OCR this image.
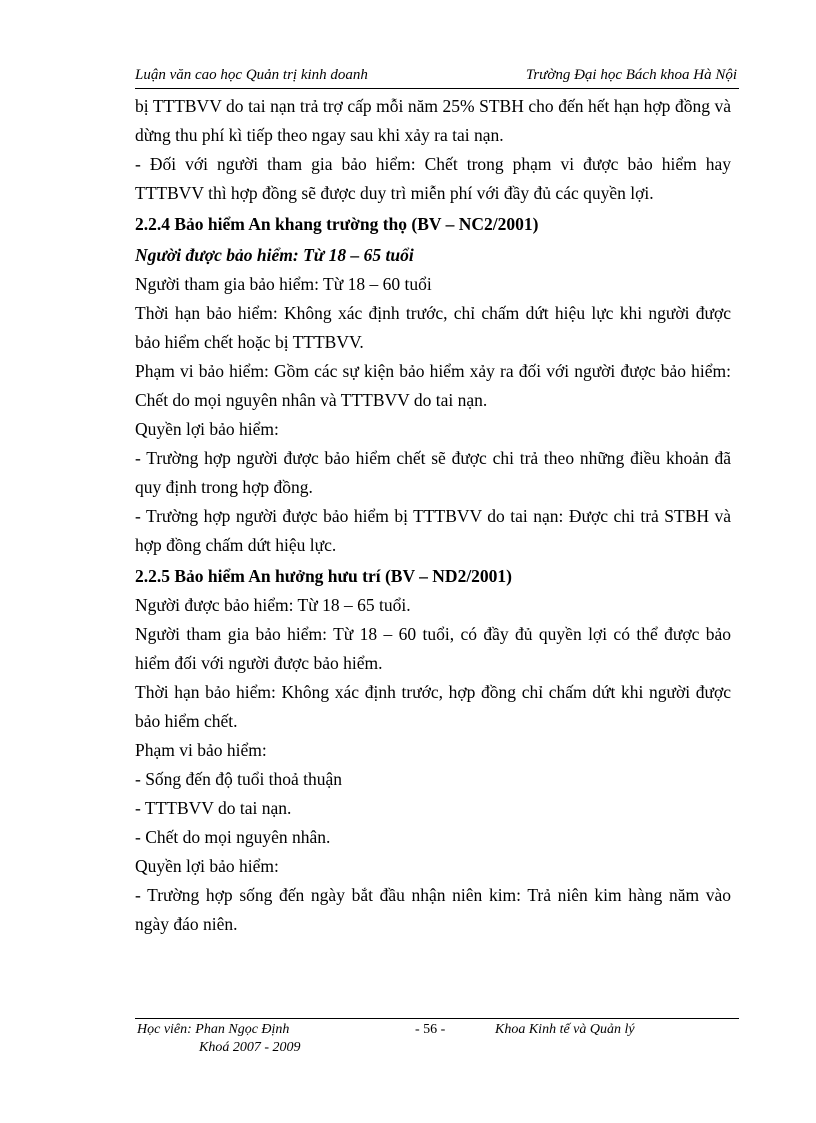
Luận văn cao học Quản trị kinh doanh	Trường Đại học Bách khoa Hà Nội

bị TTTBVV do tai nạn trả trợ cấp mỗi năm 25% STBH cho đến hết hạn hợp đồng và dừng thu phí kì tiếp theo ngay sau khi xảy ra tai nạn.

- Đối với người tham gia bảo hiểm: Chết trong phạm vi được bảo hiểm hay TTTBVV thì hợp đồng sẽ được duy trì miễn phí với đầy đủ các quyền lợi.

2.2.4 Bảo hiểm An khang trường thọ (BV – NC2/2001)
Người được bảo hiểm: Từ 18 – 65 tuổi

Người tham gia bảo hiểm: Từ 18 – 60 tuổi

Thời hạn bảo hiểm: Không xác định trước, chỉ chấm dứt hiệu lực khi người được bảo hiểm chết hoặc bị TTTBVV.

Phạm vi bảo hiểm: Gồm các sự kiện bảo hiểm xảy ra đối với người được bảo hiểm: Chết do mọi nguyên nhân và TTTBVV do tai nạn.

Quyền lợi bảo hiểm:

- Trường hợp người được bảo hiểm chết sẽ được chi trả theo những điều khoản đã quy định trong hợp đồng.

- Trường hợp người được bảo hiểm bị TTTBVV do tai nạn: Được chi trả STBH và hợp đồng chấm dứt hiệu lực.

2.2.5 Bảo hiểm An hưởng hưu trí (BV – ND2/2001)

Người được bảo hiểm: Từ 18 – 65 tuổi.

Người tham gia bảo hiểm: Từ 18 – 60 tuổi, có đầy đủ quyền lợi có thể được bảo hiểm đối với người được bảo hiểm.

Thời hạn bảo hiểm: Không xác định trước, hợp đồng chỉ chấm dứt khi người được bảo hiểm chết.

Phạm vi bảo hiểm:

- Sống đến độ tuổi thoả thuận

- TTTBVV do tai nạn.

- Chết do mọi nguyên nhân.

Quyền lợi bảo hiểm:

- Trường hợp sống đến ngày bắt đầu nhận niên kim: Trả niên kim hàng năm vào ngày đáo niên.

Học viên: Phan Ngọc Định
Khoá 2007 - 2009
- 56 -	Khoa Kinh tế và Quản lý
